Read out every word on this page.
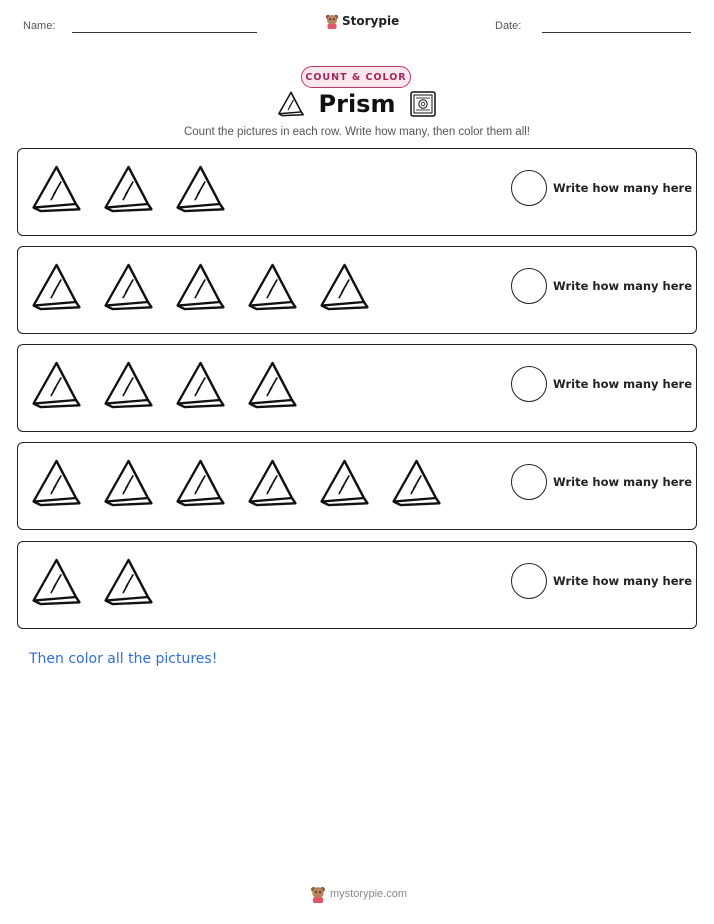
Name:	Storypie	Date:
COUNT & COLOR
Prism
Count the pictures in each row. Write how many, then color them all!
Write how many here
Write how many here
Write how many here
Write how many here
Write how many here
Then color all the pictures!
mystorypie.com
